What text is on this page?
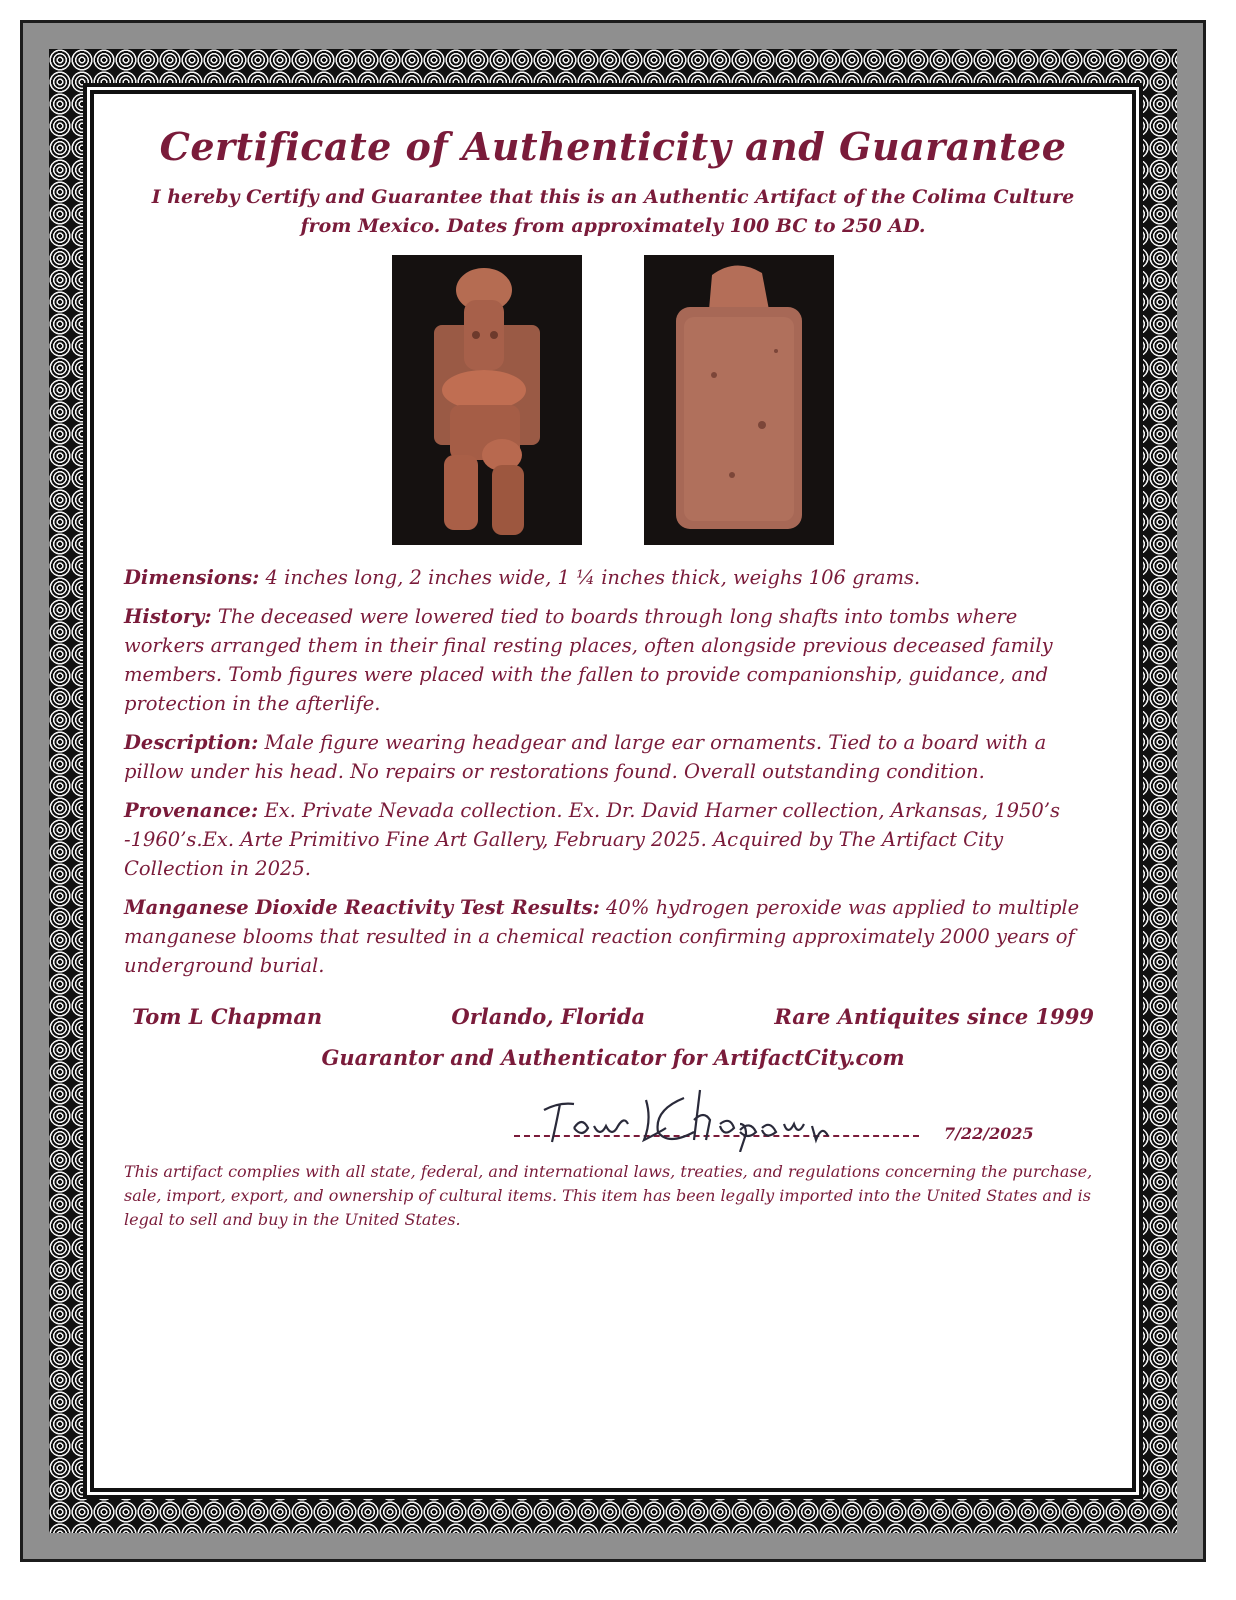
Certificate of Authenticity and Guarantee
I hereby Certify and Guarantee that this is an Authentic Artifact of the Colima Culture from Mexico. Dates from approximately 100 BC to 250 AD.

Dimensions: 4 inches long, 2 inches wide, 1 ¼ inches thick, weighs 106 grams.

History: The deceased were lowered tied to boards through long shafts into tombs where workers arranged them in their final resting places, often alongside previous deceased family members. Tomb figures were placed with the fallen to provide companionship, guidance, and protection in the afterlife.

Description: Male figure wearing headgear and large ear ornaments. Tied to a board with a pillow under his head. No repairs or restorations found. Overall outstanding condition.

Provenance: Ex. Private Nevada collection. Ex. Dr. David Harner collection, Arkansas, 1950’s -1960’s.Ex. Arte Primitivo Fine Art Gallery, February 2025. Acquired by The Artifact City Collection in 2025.

Manganese Dioxide Reactivity Test Results: 40% hydrogen peroxide was applied to multiple manganese blooms that resulted in a chemical reaction confirming approximately 2000 years of underground burial.

Tom L Chapman	Orlando, Florida	Rare Antiquites since 1999
Guarantor and Authenticator for ArtifactCity.com
7/22/2025

This artifact complies with all state, federal, and international laws, treaties, and regulations concerning the purchase, sale, import, export, and ownership of cultural items. This item has been legally imported into the United States and is legal to sell and buy in the United States.
